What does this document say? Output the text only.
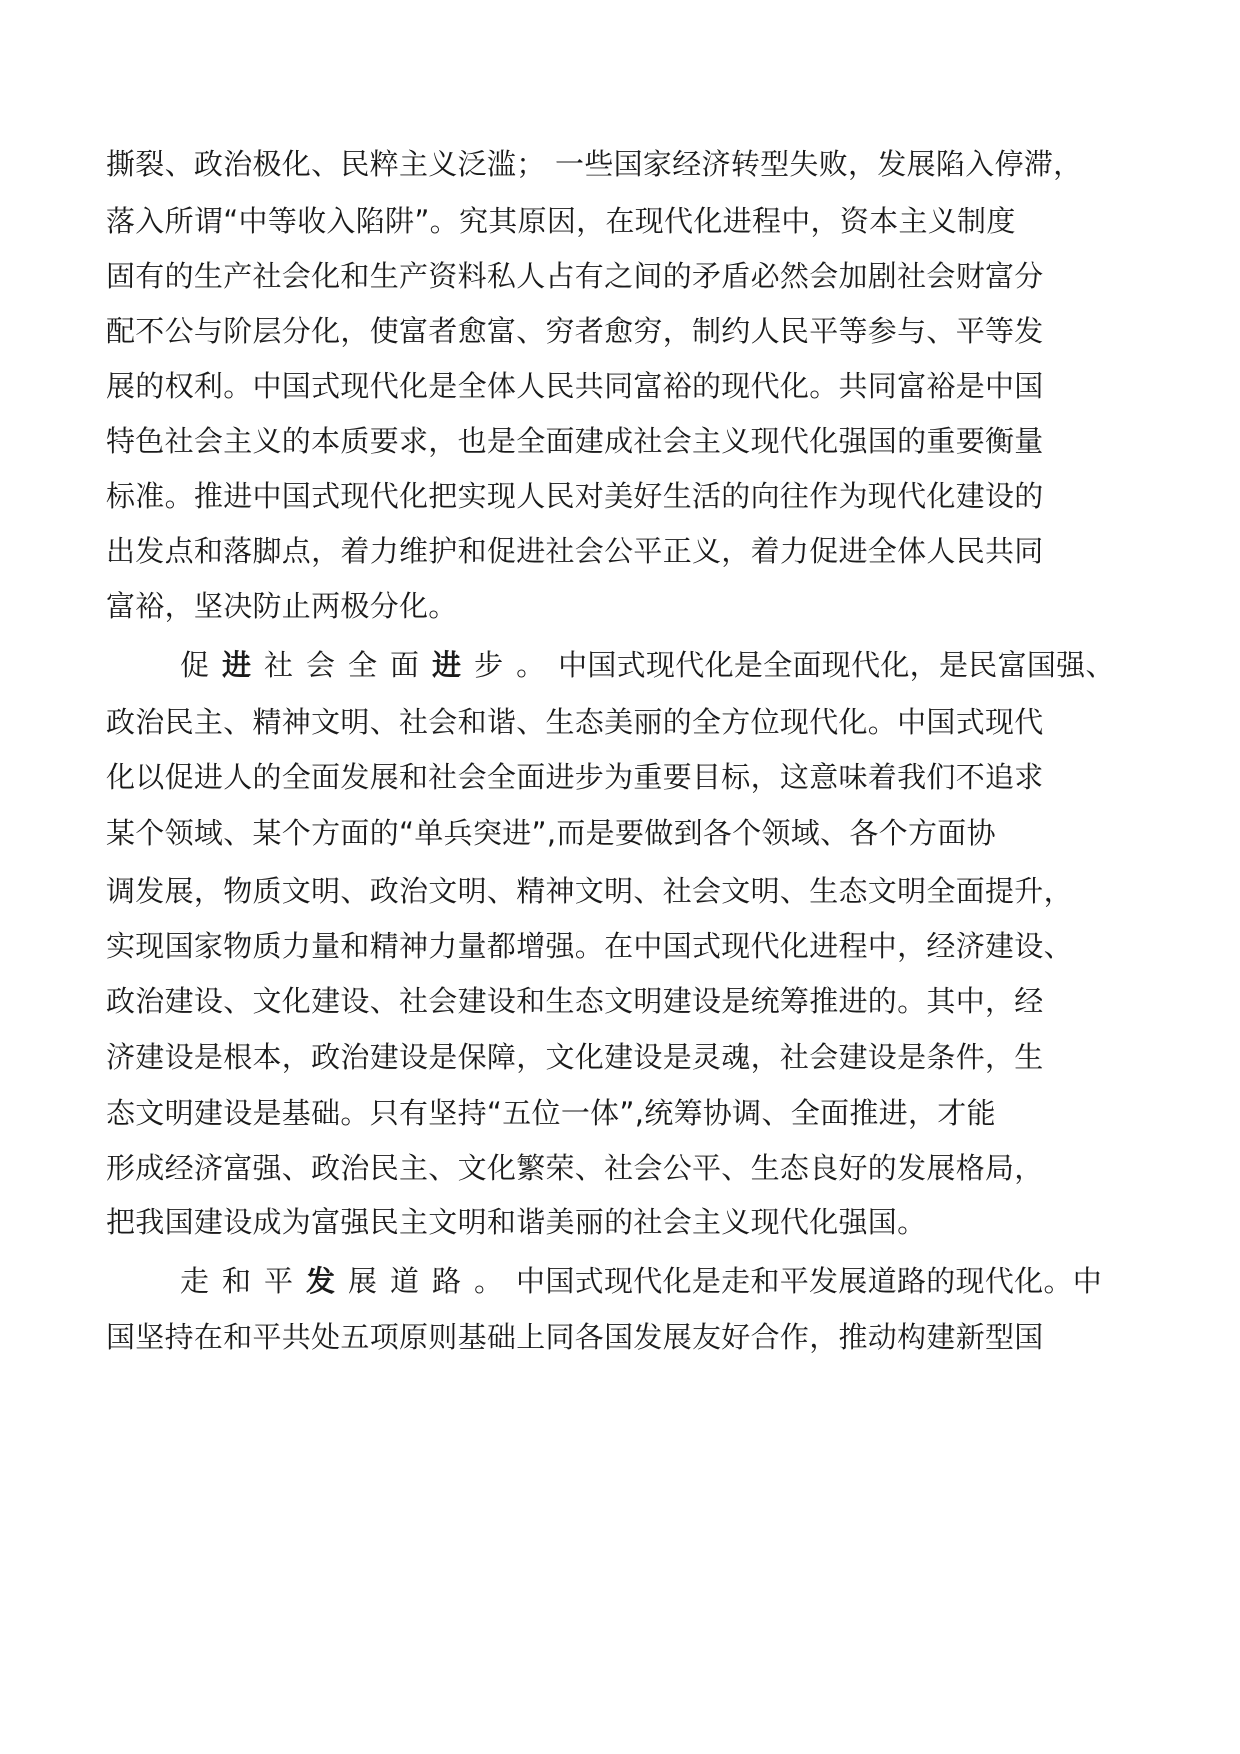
撕裂、政治极化、民粹主义泛滥； 一些国家经济转型失败，发展陷入停滞，
落入所谓“中等收入陷阱”。究其原因，在现代化进程中，资本主义制度
固有的生产社会化和生产资料私人占有之间的矛盾必然会加剧社会财富分
配不公与阶层分化，使富者愈富、穷者愈穷，制约人民平等参与、平等发
展的权利。中国式现代化是全体人民共同富裕的现代化。共同富裕是中国
特色社会主义的本质要求，也是全面建成社会主义现代化强国的重要衡量
标准。推进中国式现代化把实现人民对美好生活的向往作为现代化建设的
出发点和落脚点，着力维护和促进社会公平正义，着力促进全体人民共同
富裕，坚决防止两极分化。
促进社会全面进步。中国式现代化是全面现代化，是民富国强、
政治民主、精神文明、社会和谐、生态美丽的全方位现代化。中国式现代
化以促进人的全面发展和社会全面进步为重要目标，这意味着我们不追求
某个领域、某个方面的“单兵突进”,而是要做到各个领域、各个方面协
调发展，物质文明、政治文明、精神文明、社会文明、生态文明全面提升，
实现国家物质力量和精神力量都增强。在中国式现代化进程中，经济建设、
政治建设、文化建设、社会建设和生态文明建设是统筹推进的。其中，经
济建设是根本，政治建设是保障，文化建设是灵魂，社会建设是条件，生
态文明建设是基础。只有坚持“五位一体”,统筹协调、全面推进，才能
形成经济富强、政治民主、文化繁荣、社会公平、生态良好的发展格局，
把我国建设成为富强民主文明和谐美丽的社会主义现代化强国。
走和平发展道路。中国式现代化是走和平发展道路的现代化。中
国坚持在和平共处五项原则基础上同各国发展友好合作，推动构建新型国
